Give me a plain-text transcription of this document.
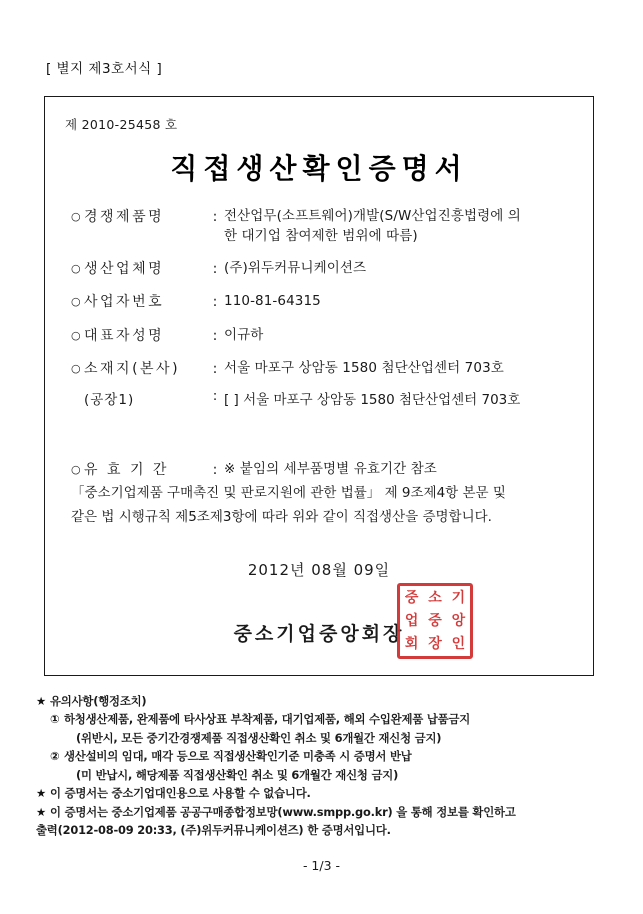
[ 별지 제3호서식 ]
제 2010-25458 호
직접생산확인증명서
○ 경쟁제품명	: 전산업무(소프트웨어)개발(S/W산업진흥법령에 의
한 대기업 참여제한 범위에 따름)
○ 생산업체명	: (주)위두커뮤니케이션즈
○ 사업자번호	: 110-81-64315
○ 대표자성명	: 이규하
○ 소재지(본사)	: 서울 마포구 상암동 1580 첨단산업센터 703호
(공장1)	: [ ] 서울 마포구 상암동 1580 첨단산업센터 703호
○ 유 효 기 간	: ※ 붙임의 세부품명별 유효기간 참조
「중소기업제품 구매촉진 및 판로지원에 관한 법률」 제 9조제4항 본문 및
같은 법 시행규칙 제5조제3항에 따라 위와 같이 직접생산을 증명합니다.
2012년 08월 09일
중소기업중앙회장
중 소 기
업 중 앙
회 장 인
★ 유의사항(행정조치)
① 하청생산제품, 완제품에 타사상표 부착제품, 대기업제품, 해외 수입완제품 납품금지
(위반시, 모든 중기간경쟁제품 직접생산확인 취소 및 6개월간 재신청 금지)
② 생산설비의 임대, 매각 등으로 직접생산확인기준 미충족 시 증명서 반납
(미 반납시, 해당제품 직접생산확인 취소 및 6개월간 재신청 금지)
★ 이 증명서는 중소기업대인용으로 사용할 수 없습니다.
★ 이 증명서는 중소기업제품 공공구매종합정보망(www.smpp.go.kr) 을 통해 정보를 확인하고
출력(2012-08-09 20:33, (주)위두커뮤니케이션즈) 한 증명서입니다.
- 1/3 -
